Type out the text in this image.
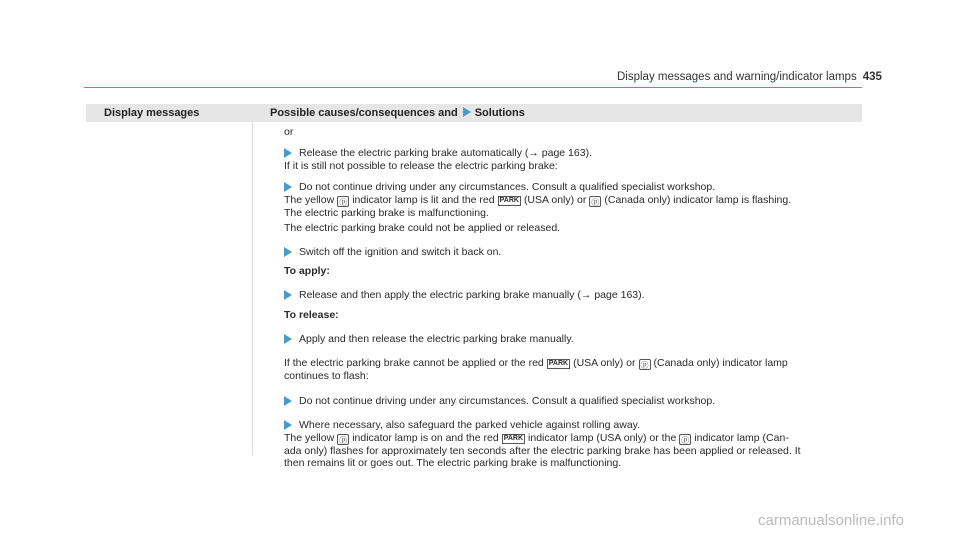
Display messages and warning/indicator lamps 435
Display messages	Possible causes/consequences and Solutions

or

Release the electric parking brake automatically (→ page 163).

If it is still not possible to release the electric parking brake:

Do not continue driving under any circumstances. Consult a qualified specialist workshop.

The yellow ⓟ indicator lamp is lit and the red PARK (USA only) or ⓟ (Canada only) indicator lamp is flashing.

The electric parking brake is malfunctioning.

The electric parking brake could not be applied or released.

Switch off the ignition and switch it back on.

To apply:

Release and then apply the electric parking brake manually (→ page 163).

To release:

Apply and then release the electric parking brake manually.

If the electric parking brake cannot be applied or the red PARK (USA only) or ⓟ (Canada only) indicator lamp

continues to flash:

Do not continue driving under any circumstances. Consult a qualified specialist workshop.

Where necessary, also safeguard the parked vehicle against rolling away.

The yellow ⓟ indicator lamp is on and the red PARK indicator lamp (USA only) or the ⓟ indicator lamp (Can-

ada only) flashes for approximately ten seconds after the electric parking brake has been applied or released. It

then remains lit or goes out. The electric parking brake is malfunctioning.

carmanualsonline.info
